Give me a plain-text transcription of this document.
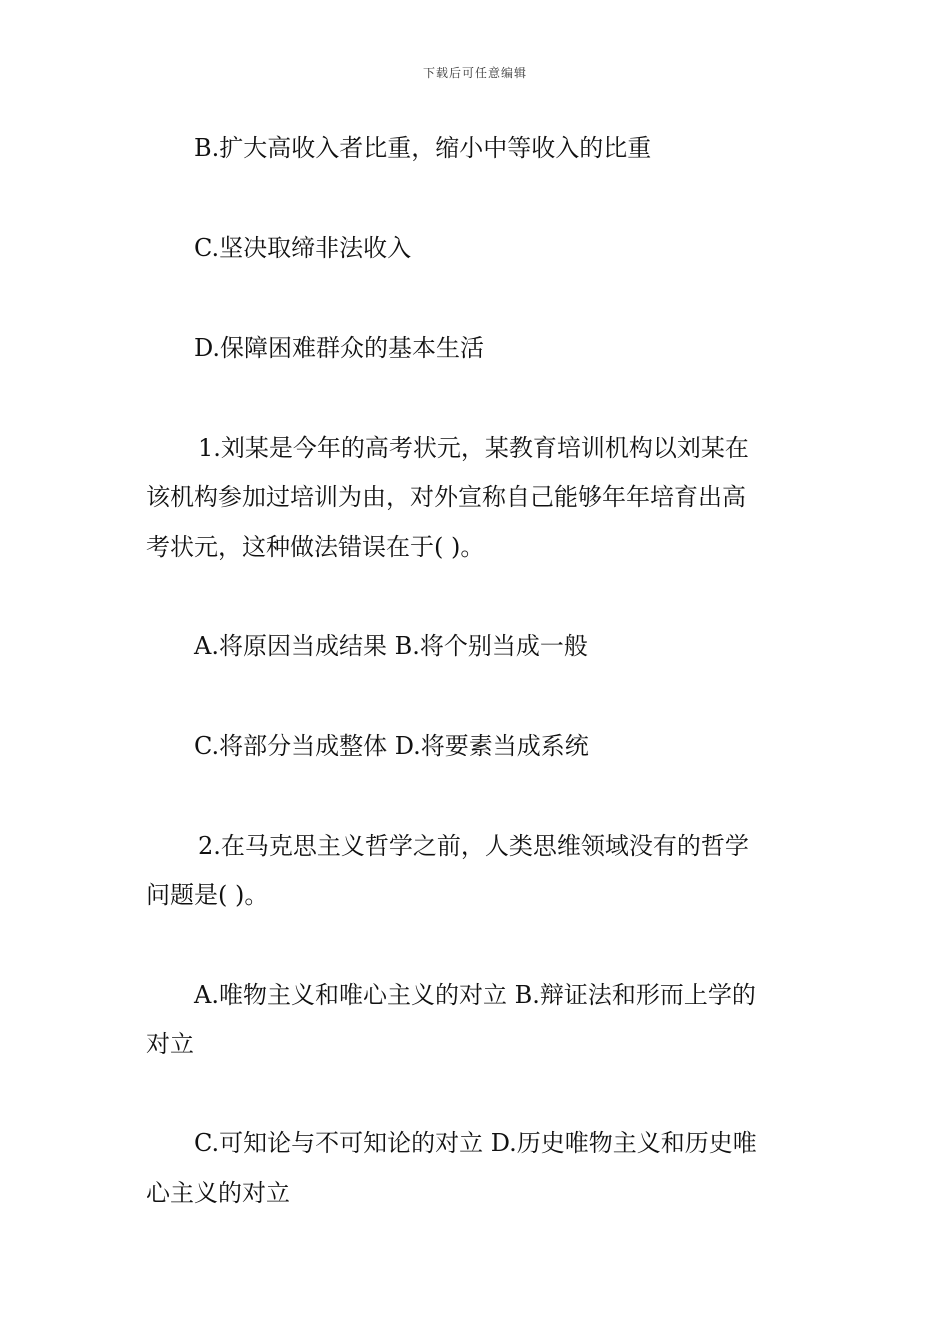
下载后可任意编辑
B.扩大高收入者比重，缩小中等收入的比重
C.坚决取缔非法收入
D.保障困难群众的基本生活
1.刘某是今年的高考状元，某教育培训机构以刘某在
该机构参加过培训为由，对外宣称自己能够年年培育出高
考状元，这种做法错误在于( )。
A.将原因当成结果 B.将个别当成一般
C.将部分当成整体 D.将要素当成系统
2.在马克思主义哲学之前，人类思维领域没有的哲学
问题是( )。
A.唯物主义和唯心主义的对立 B.辩证法和形而上学的
对立
C.可知论与不可知论的对立 D.历史唯物主义和历史唯
心主义的对立
